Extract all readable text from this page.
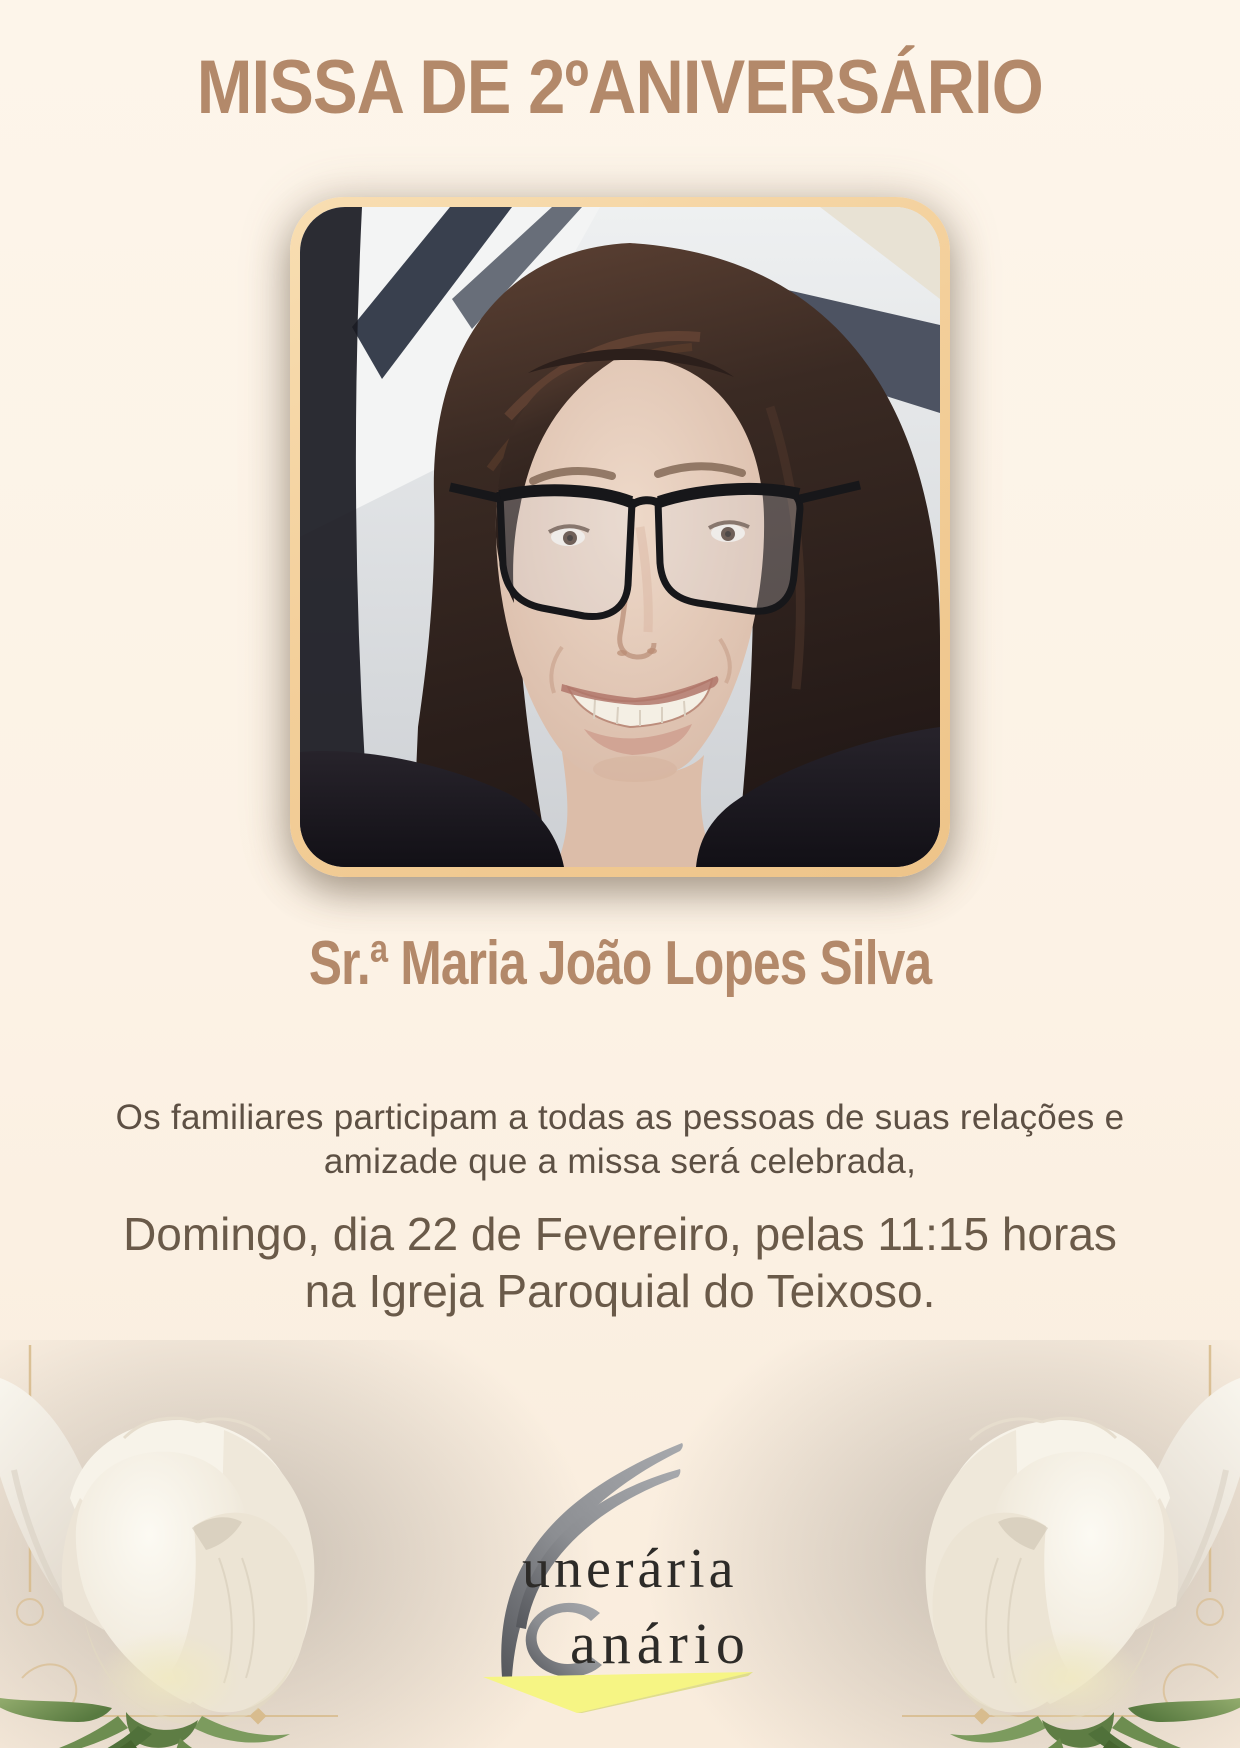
MISSA DE 2ºANIVERSÁRIO
Sr.ª Maria João Lopes Silva
Os familiares participam a todas as pessoas de suas relações e
amizade que a missa será celebrada,
Domingo, dia 22 de Fevereiro, pelas 11:15 horas
na Igreja Paroquial do Teixoso.
unerária
anário
